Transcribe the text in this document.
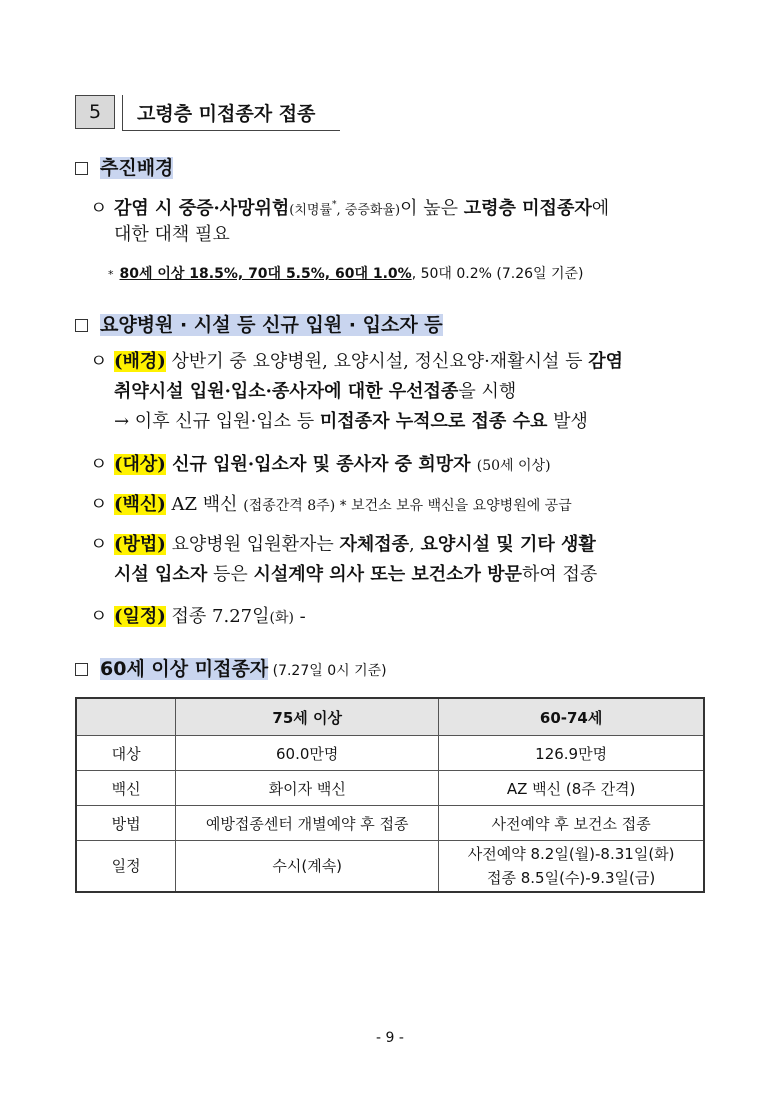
5	고령층 미접종자 접종
추진배경
ㅇ 감염 시 중증·사망위험(치명률*, 중증화율)이 높은 고령층 미접종자에
대한 대책 필요
* 80세 이상 18.5%, 70대 5.5%, 60대 1.0%, 50대 0.2% (7.26일 기준)
요양병원 · 시설 등 신규 입원 · 입소자 등
ㅇ (배경) 상반기 중 요양병원, 요양시설, 정신요양·재활시설 등 감염
취약시설 입원·입소·종사자에 대한 우선접종을 시행
→ 이후 신규 입원·입소 등 미접종자 누적으로 접종 수요 발생
ㅇ (대상) 신규 입원·입소자 및 종사자 중 희망자 (50세 이상)
ㅇ (백신) AZ 백신 (접종간격 8주) * 보건소 보유 백신을 요양병원에 공급
ㅇ (방법) 요양병원 입원환자는 자체접종, 요양시설 및 기타 생활
시설 입소자 등은 시설계약 의사 또는 보건소가 방문하여 접종
ㅇ (일정) 접종 7.27일(화) -
60세 이상 미접종자 (7.27일 0시 기준)
	75세 이상	60-74세
대상	60.0만명	126.9만명
백신	화이자 백신	AZ 백신 (8주 간격)
방법	예방접종센터 개별예약 후 접종	사전예약 후 보건소 접종
일정	수시(계속)	사전예약 8.2일(월)-8.31일(화)
접종 8.5일(수)-9.3일(금)
- 9 -
